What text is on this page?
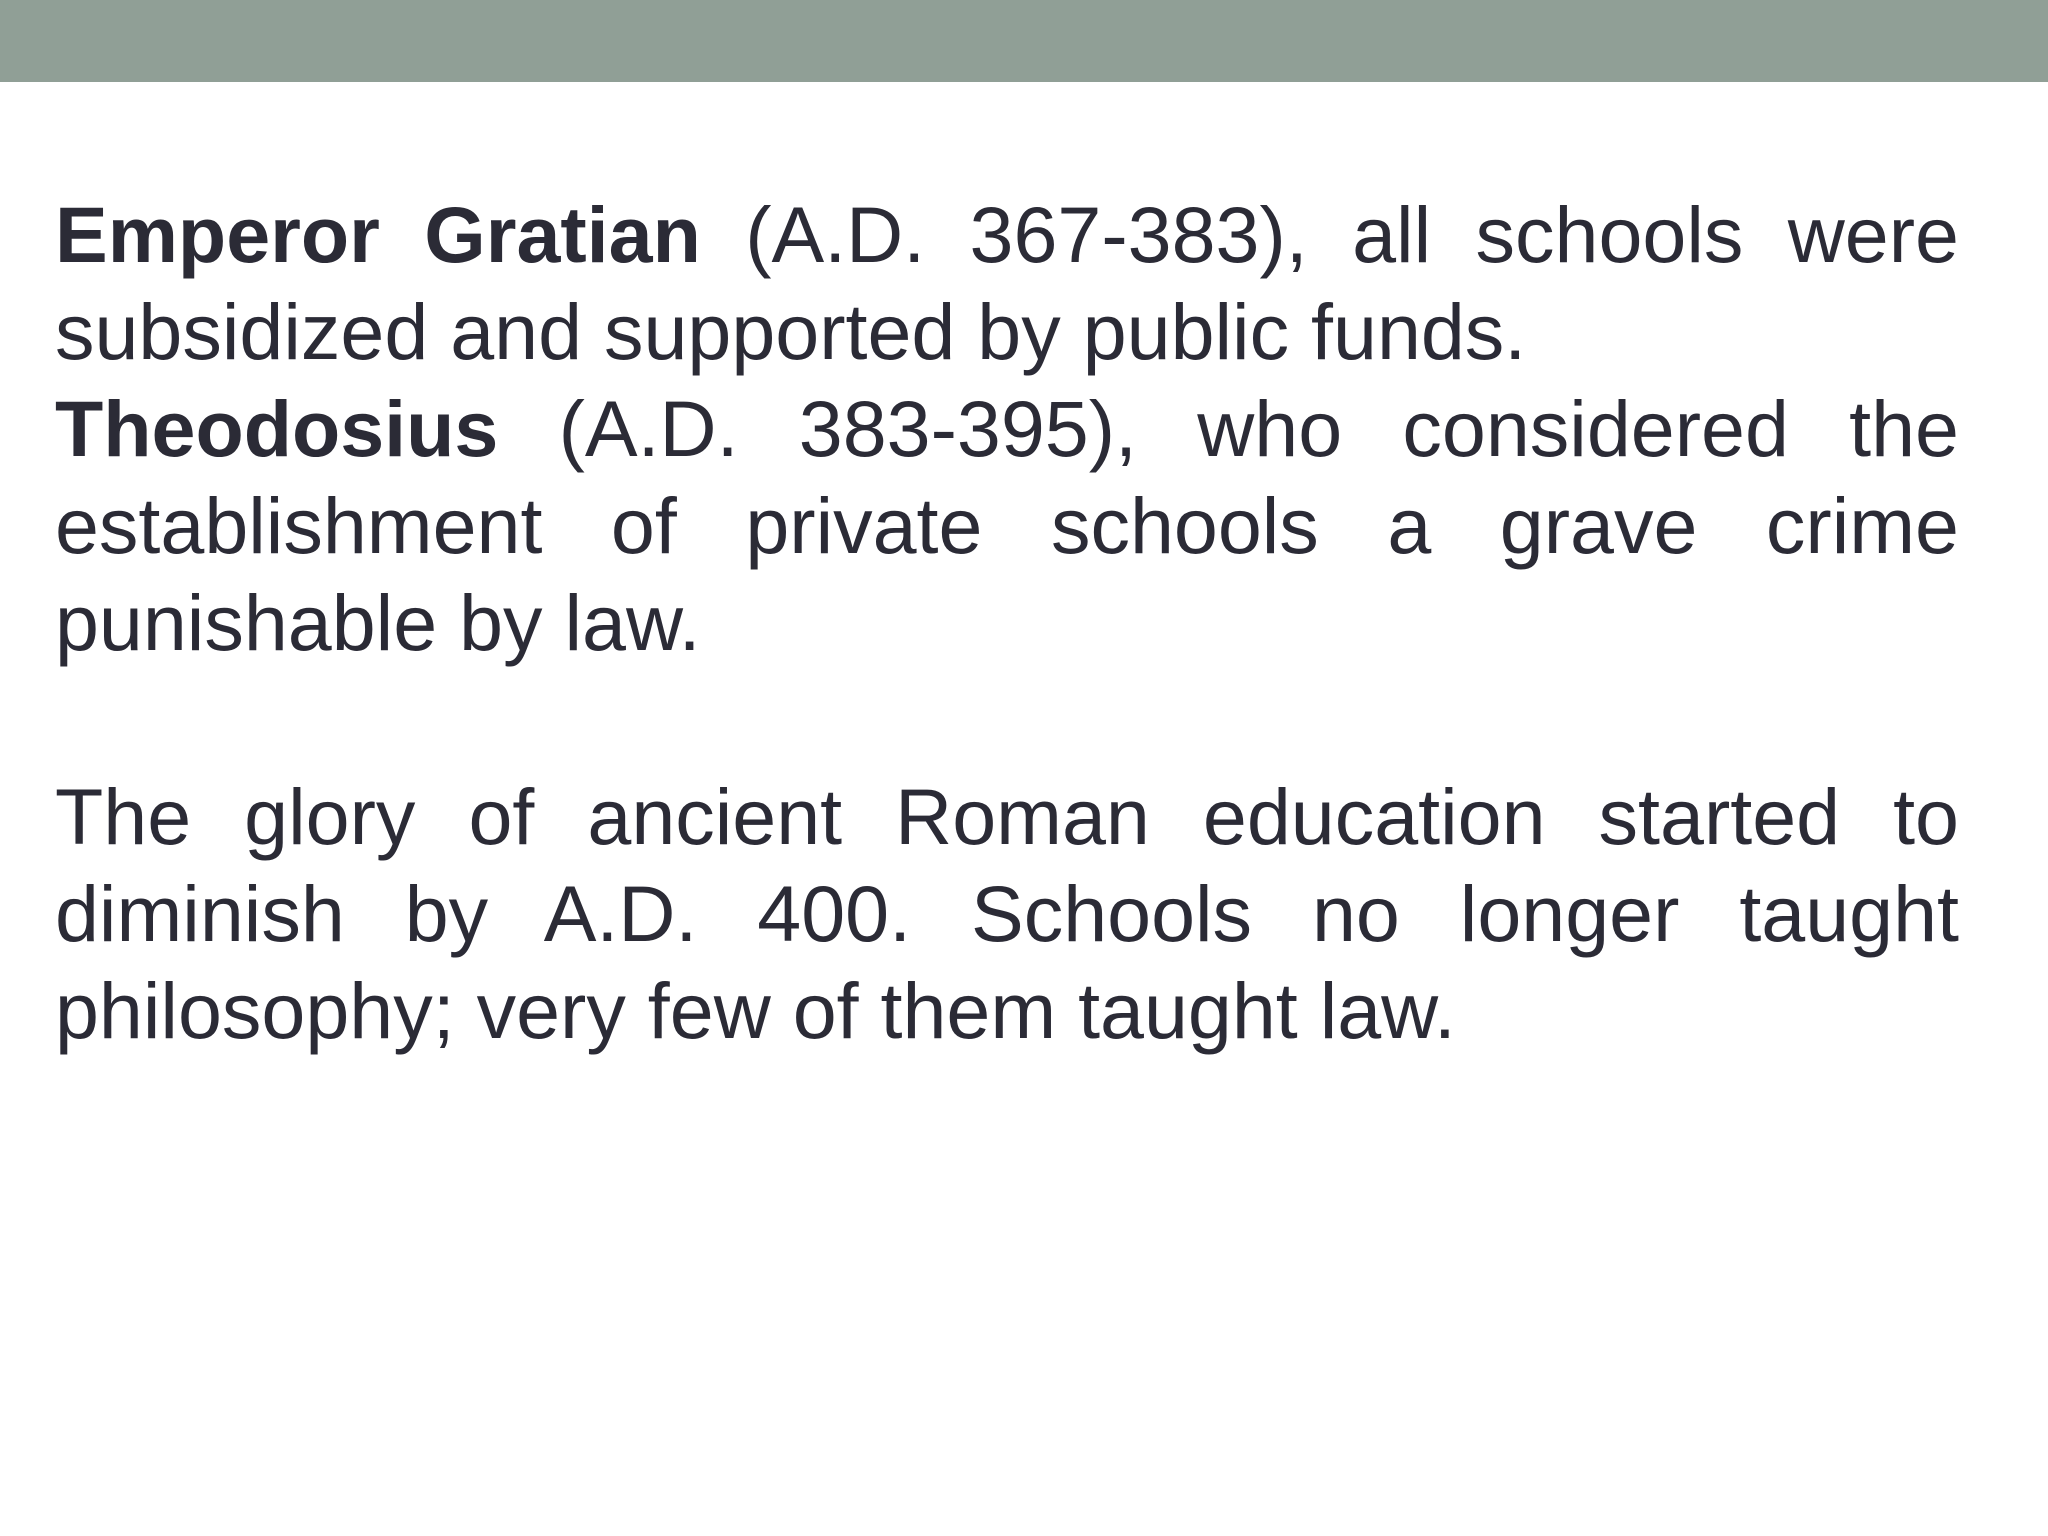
Emperor Gratian (A.D. 367-383), all schools were subsidized and supported by public funds.

Theodosius (A.D. 383-395), who considered the establishment of private schools a grave crime punishable by law.

The glory of ancient Roman education started to diminish by A.D. 400. Schools no longer taught philosophy; very few of them taught law.
